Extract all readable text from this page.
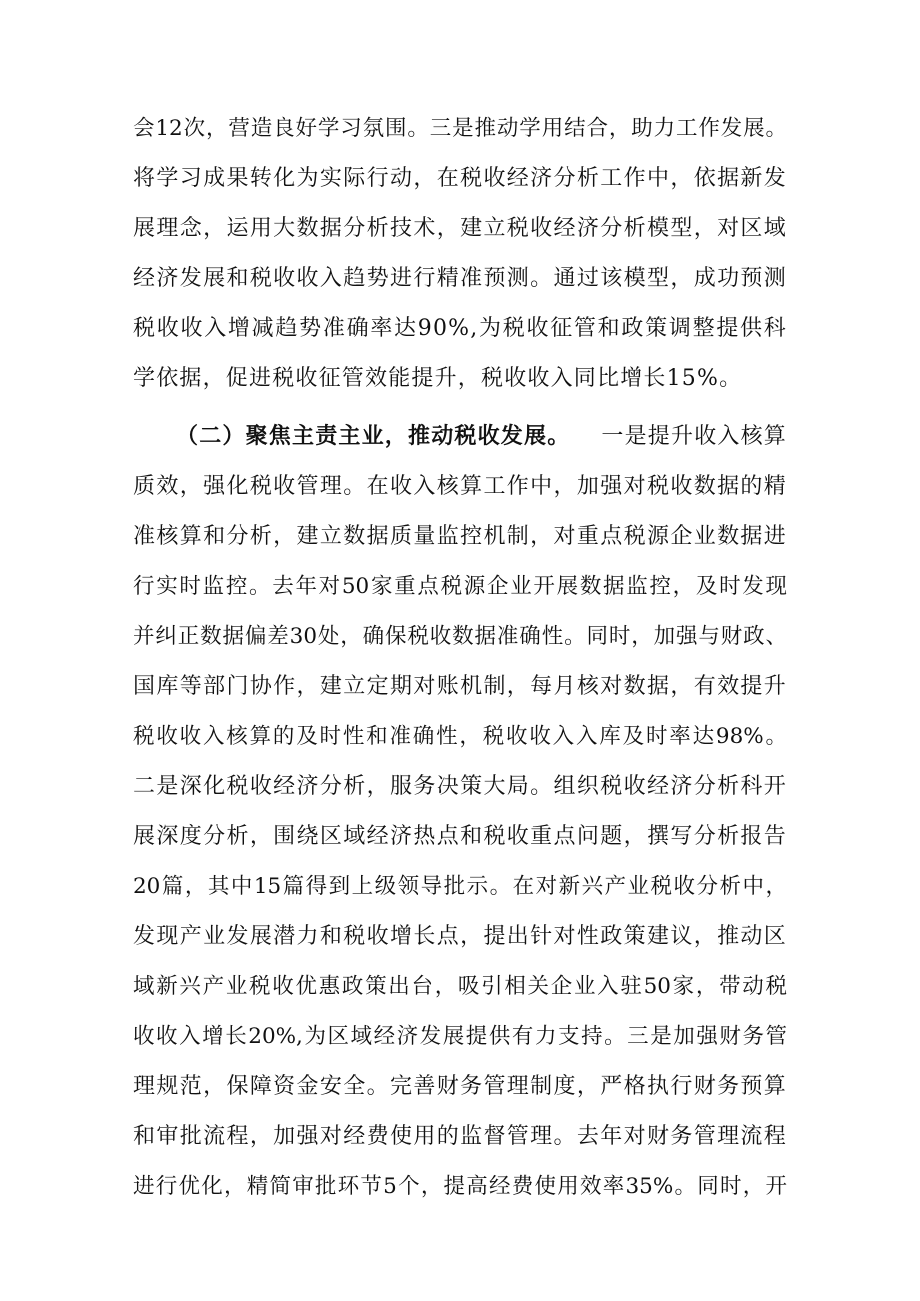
会12次，营造良好学习氛围。三是推动学用结合，助力工作发展。
将学习成果转化为实际行动，在税收经济分析工作中，依据新发
展理念，运用大数据分析技术，建立税收经济分析模型，对区域
经济发展和税收收入趋势进行精准预测。通过该模型，成功预测
税收收入增减趋势准确率达90%,为税收征管和政策调整提供科
学依据，促进税收征管效能提升，税收收入同比增长15%。
（二）聚焦主责主业，推动税收发展。 一是提升收入核算
质效，强化税收管理。在收入核算工作中，加强对税收数据的精
准核算和分析，建立数据质量监控机制，对重点税源企业数据进
行实时监控。去年对50家重点税源企业开展数据监控，及时发现
并纠正数据偏差30处，确保税收数据准确性。同时，加强与财政、
国库等部门协作，建立定期对账机制，每月核对数据，有效提升
税收收入核算的及时性和准确性，税收收入入库及时率达98%。
二是深化税收经济分析，服务决策大局。组织税收经济分析科开
展深度分析，围绕区域经济热点和税收重点问题，撰写分析报告
20篇，其中15篇得到上级领导批示。在对新兴产业税收分析中，
发现产业发展潜力和税收增长点，提出针对性政策建议，推动区
域新兴产业税收优惠政策出台，吸引相关企业入驻50家，带动税
收收入增长20%,为区域经济发展提供有力支持。三是加强财务管
理规范，保障资金安全。完善财务管理制度，严格执行财务预算
和审批流程，加强对经费使用的监督管理。去年对财务管理流程
进行优化，精简审批环节5个，提高经费使用效率35%。同时，开
